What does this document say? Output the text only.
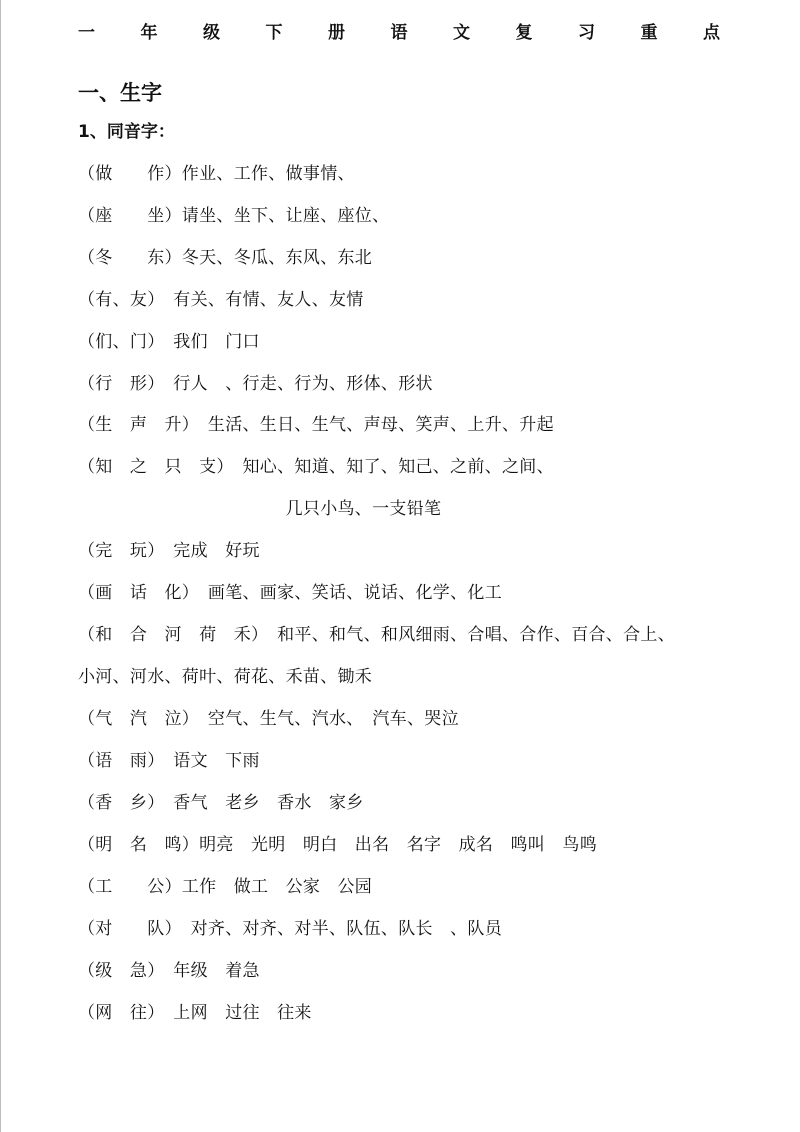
一	年	级	下	册	语	文	复	习	重	点
一、生字
1、同音字：
（做　　作）作业、工作、做事情、
（座　　坐）请坐、坐下、让座、座位、
（冬　　东）冬天、冬瓜、东风、东北
（有、友）　有关、有情、友人、友情
（们、门）　我们　门口
（行　形）　行人　、行走、行为、形体、形状
（生　声　升）　生活、生日、生气、声母、笑声、上升、升起
（知　之　只　支）　知心、知道、知了、知己、之前、之间、
　　　　　　　　　　　　几只小鸟、一支铅笔
（完　玩）　完成　好玩
（画　话　化）　画笔、画家、笑话、说话、化学、化工
（和　合　河　荷　禾）　和平、和气、和风细雨、合唱、合作、百合、合上、
小河、河水、荷叶、荷花、禾苗、锄禾
（气　汽　泣）　空气、生气、汽水、　汽车、哭泣
（语　雨）　语文　下雨
（香　乡）　香气　老乡　香水　家乡
（明　名　鸣）明亮　光明　明白　出名　名字　成名　鸣叫　鸟鸣
（工　　公）工作　做工　公家　公园
（对　　队）　对齐、对齐、对半、队伍、队长　、队员
（级　急）　年级　着急
（网　往）　上网　过往　往来
